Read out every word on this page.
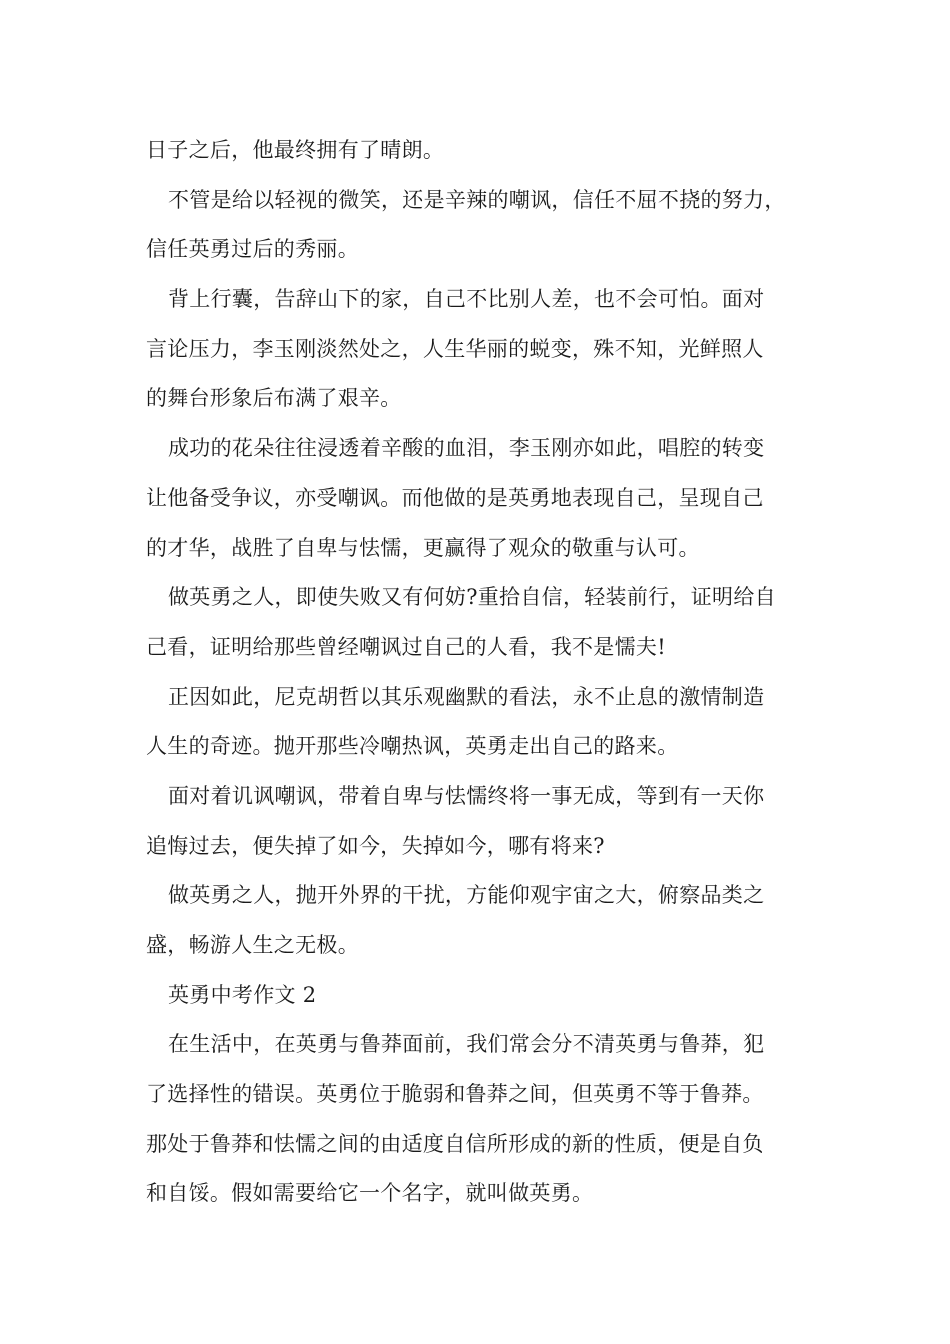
日子之后，他最终拥有了晴朗。
不管是给以轻视的微笑，还是辛辣的嘲讽，信任不屈不挠的努力，
信任英勇过后的秀丽。
背上行囊，告辞山下的家，自己不比别人差，也不会可怕。面对
言论压力，李玉刚淡然处之，人生华丽的蜕变，殊不知，光鲜照人
的舞台形象后布满了艰辛。
成功的花朵往往浸透着辛酸的血泪，李玉刚亦如此，唱腔的转变
让他备受争议，亦受嘲讽。而他做的是英勇地表现自己，呈现自己
的才华，战胜了自卑与怯懦，更赢得了观众的敬重与认可。
做英勇之人，即使失败又有何妨?重拾自信，轻装前行，证明给自
己看，证明给那些曾经嘲讽过自己的人看，我不是懦夫!
正因如此，尼克胡哲以其乐观幽默的看法，永不止息的激情制造
人生的奇迹。抛开那些冷嘲热讽，英勇走出自己的路来。
面对着讥讽嘲讽，带着自卑与怯懦终将一事无成，等到有一天你
追悔过去，便失掉了如今，失掉如今，哪有将来?
做英勇之人，抛开外界的干扰，方能仰观宇宙之大，俯察品类之
盛，畅游人生之无极。
英勇中考作文 2
在生活中，在英勇与鲁莽面前，我们常会分不清英勇与鲁莽，犯
了选择性的错误。英勇位于脆弱和鲁莽之间，但英勇不等于鲁莽。
那处于鲁莽和怯懦之间的由适度自信所形成的新的性质，便是自负
和自馁。假如需要给它一个名字，就叫做英勇。
